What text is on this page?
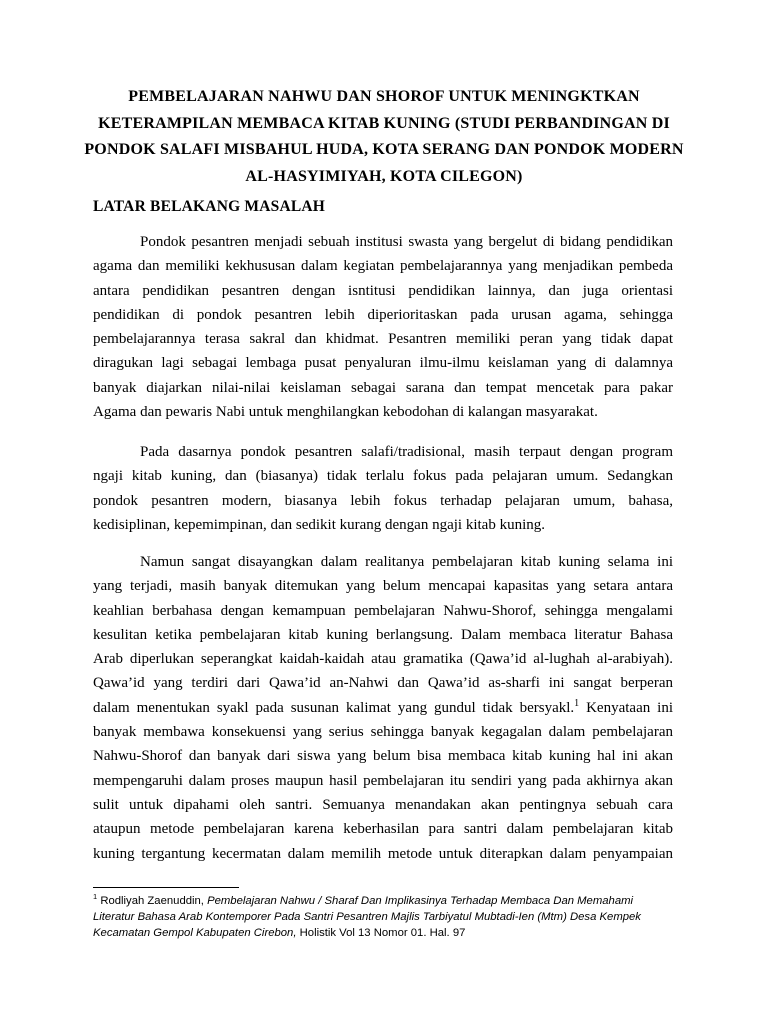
PEMBELAJARAN NAHWU DAN SHOROF UNTUK MENINGKTKAN
KETERAMPILAN MEMBACA KITAB KUNING (STUDI PERBANDINGAN DI
PONDOK SALAFI MISBAHUL HUDA, KOTA SERANG DAN PONDOK MODERN
AL-HASYIMIYAH, KOTA CILEGON)
LATAR BELAKANG MASALAH

Pondok pesantren menjadi sebuah institusi swasta yang bergelut di bidang pendidikan
agama dan memiliki kekhususan dalam kegiatan pembelajarannya yang menjadikan pembeda
antara pendidikan pesantren dengan isntitusi pendidikan lainnya, dan juga orientasi
pendidikan di pondok pesantren lebih diperioritaskan pada urusan agama, sehingga
pembelajarannya terasa sakral dan khidmat. Pesantren memiliki peran yang tidak dapat
diragukan lagi sebagai lembaga pusat penyaluran ilmu-ilmu keislaman yang di dalamnya
banyak diajarkan nilai-nilai keislaman sebagai sarana dan tempat mencetak para pakar
Agama dan pewaris Nabi untuk menghilangkan kebodohan di kalangan masyarakat.

Pada dasarnya pondok pesantren salafi/tradisional, masih terpaut dengan program
ngaji kitab kuning, dan (biasanya) tidak terlalu fokus pada pelajaran umum. Sedangkan
pondok pesantren modern, biasanya lebih fokus terhadap pelajaran umum, bahasa,
kedisiplinan, kepemimpinan, dan sedikit kurang dengan ngaji kitab kuning.

Namun sangat disayangkan dalam realitanya pembelajaran kitab kuning selama ini
yang terjadi, masih banyak ditemukan yang belum mencapai kapasitas yang setara antara
keahlian berbahasa dengan kemampuan pembelajaran Nahwu-Shorof, sehingga mengalami
kesulitan ketika pembelajaran kitab kuning berlangsung. Dalam membaca literatur Bahasa
Arab diperlukan seperangkat kaidah-kaidah atau gramatika (Qawa’id al-lughah al-arabiyah).
Qawa’id yang terdiri dari Qawa’id an-Nahwi dan Qawa’id as-sharfi ini sangat berperan
dalam menentukan syakl pada susunan kalimat yang gundul tidak bersyakl.$^1$ Kenyataan ini
banyak membawa konsekuensi yang serius sehingga banyak kegagalan dalam pembelajaran
Nahwu-Shorof dan banyak dari siswa yang belum bisa membaca kitab kuning hal ini akan
mempengaruhi dalam proses maupun hasil pembelajaran itu sendiri yang pada akhirnya akan
sulit untuk dipahami oleh santri. Semuanya menandakan akan pentingnya sebuah cara
ataupun metode pembelajaran karena keberhasilan para santri dalam pembelajaran kitab
kuning tergantung kecermatan dalam memilih metode untuk diterapkan dalam penyampaian

$^1$ Rodliyah Zaenuddin, Pembelajaran Nahwu / Sharaf Dan Implikasinya Terhadap Membaca Dan Memahami
Literatur Bahasa Arab Kontemporer Pada Santri Pesantren Majlis Tarbiyatul Mubtadi-Ien (Mtm) Desa Kempek
Kecamatan Gempol Kabupaten Cirebon, Holistik Vol 13 Nomor 01. Hal. 97
